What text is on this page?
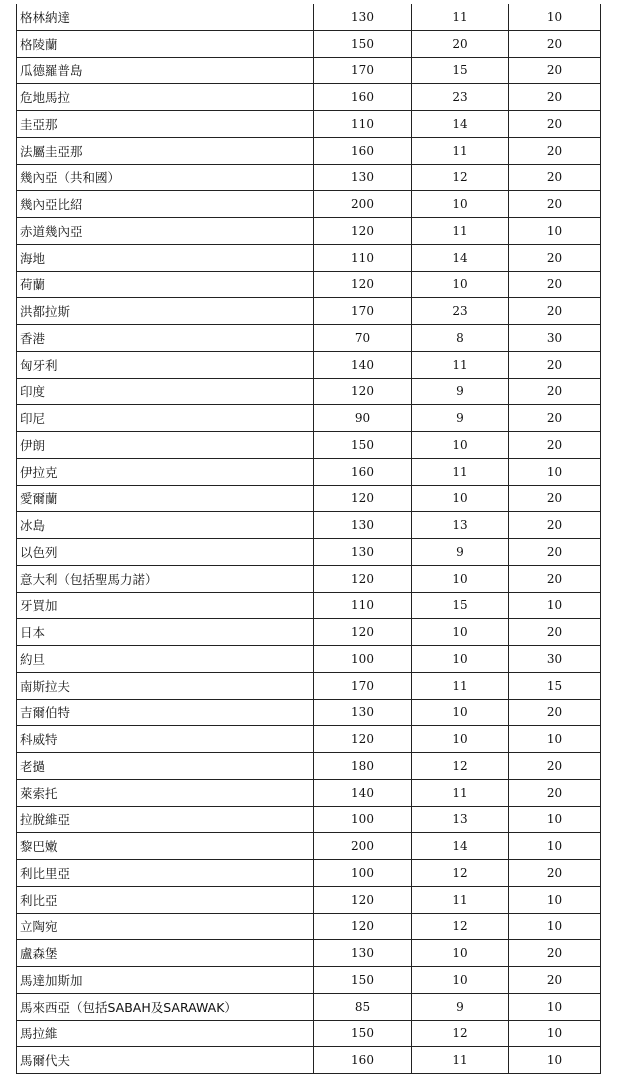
格林納達	130	11	10
格陵蘭	150	20	20
瓜德羅普島	170	15	20
危地馬拉	160	23	20
圭亞那	110	14	20
法屬圭亞那	160	11	20
幾內亞（共和國）	130	12	20
幾內亞比紹	200	10	20
赤道幾內亞	120	11	10
海地	110	14	20
荷蘭	120	10	20
洪都拉斯	170	23	20
香港	70	8	30
匈牙利	140	11	20
印度	120	9	20
印尼	90	9	20
伊朗	150	10	20
伊拉克	160	11	10
愛爾蘭	120	10	20
冰島	130	13	20
以色列	130	9	20
意大利（包括聖馬力諾）	120	10	20
牙買加	110	15	10
日本	120	10	20
約旦	100	10	30
南斯拉夫	170	11	15
吉爾伯特	130	10	20
科威特	120	10	10
老撾	180	12	20
萊索托	140	11	20
拉脫維亞	100	13	10
黎巴嫩	200	14	10
利比里亞	100	12	20
利比亞	120	11	10
立陶宛	120	12	10
盧森堡	130	10	20
馬達加斯加	150	10	20
馬來西亞（包括SABAH及SARAWAK）	85	9	10
馬拉維	150	12	10
馬爾代夫	160	11	10
